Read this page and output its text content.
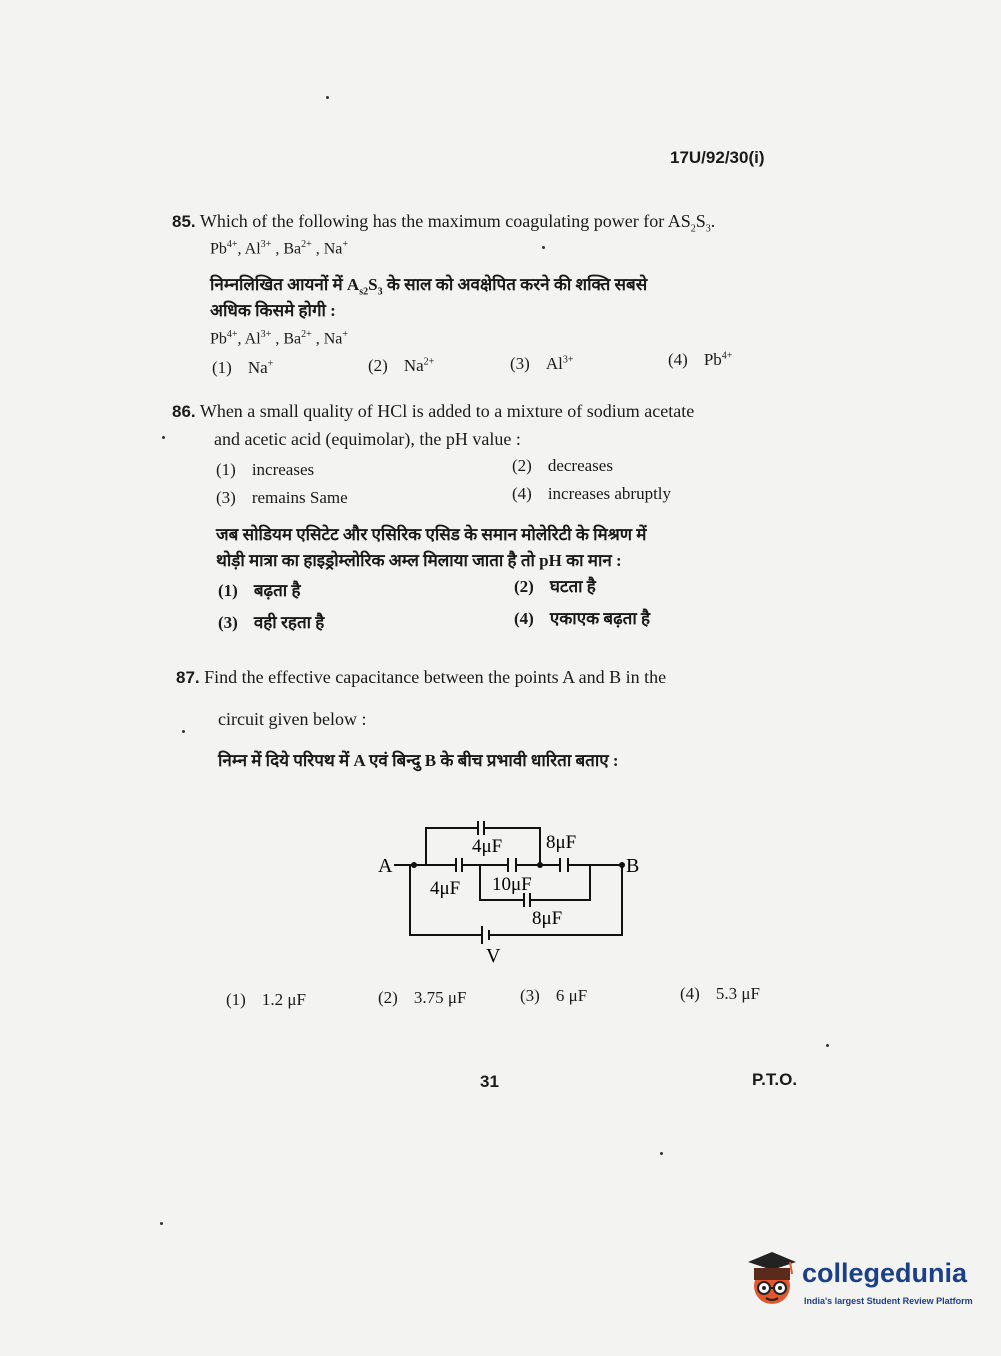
17U/92/30(i)
85. Which of the following has the maximum coagulating power for $AS_2S_3$.
$Pb^{4+}$, $Al^{3+}$ , $Ba^{2+}$ , Na+
निम्नलिखित आयनों में $A_{s2}S_3$ के साल को अवक्षेपित करने की शक्ति सबसे
अधिक किसमे होगी :
$Pb^{4+}$, $Al^{3+}$ , $Ba^{2+}$ , Na+
(1) Na+	(2) $Na^{2+}$	(3) $Al^{3+}$	(4) $Pb^{4+}$
86. When a small quality of HCl is added to a mixture of sodium acetate
and acetic acid (equimolar), the pH value :
(1) increases	(2) decreases
(3) remains Same	(4) increases abruptly
जब सोडियम एसिटेट और एसिरिक एसिड के समान मोलेरिटी के मिश्रण में
थोड़ी मात्रा का हाइड्रोम्लोरिक अम्ल मिलाया जाता है तो pH का मान :
(1) बढ़ता है	(2) घटता है
(3) वही रहता है	(4) एकाएक बढ़ता है
87. Find the effective capacitance between the points A and B in the
circuit given below :
निम्न में दिये परिपथ में A एवं बिन्दु B के बीच प्रभावी धारिता बताए :
A	B
V
4μF
4μF 10μF
8μF
8μF
(1) 1.2 μF	(2) 3.75 μF	(3) 6 μF	(4) 5.3 μF
31	P.T.O.
collegedunia
India's largest Student Review Platform
